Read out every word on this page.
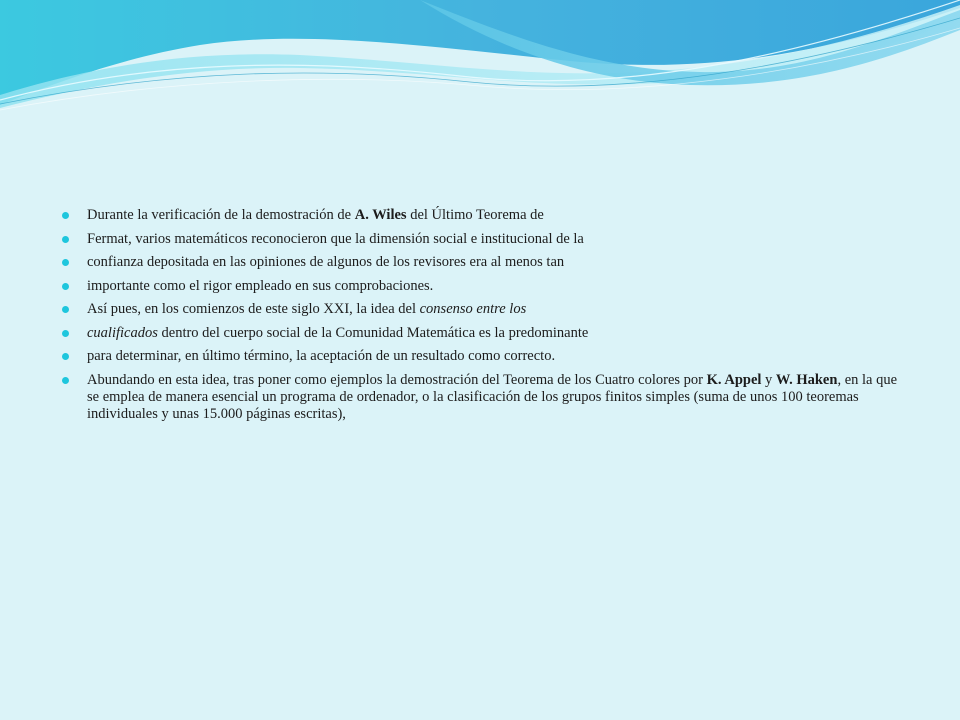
Durante la verificación de la demostración de A. Wiles del Último Teorema de
Fermat, varios matemáticos reconocieron que la dimensión social e institucional de la
confianza depositada en las opiniones de algunos de los revisores era al menos tan
importante como el rigor empleado en sus comprobaciones.
Así pues, en los comienzos de este siglo XXI, la idea del consenso entre los
cualificados dentro del cuerpo social de la Comunidad Matemática es la predominante
para determinar, en último término, la aceptación de un resultado como correcto.
Abundando en esta idea, tras poner como ejemplos la demostración del Teorema de los Cuatro colores por K. Appel y W. Haken, en la que se emplea de manera esencial un programa de ordenador, o la clasificación de los grupos finitos simples (suma de unos 100 teoremas individuales y unas 15.000 páginas escritas),
